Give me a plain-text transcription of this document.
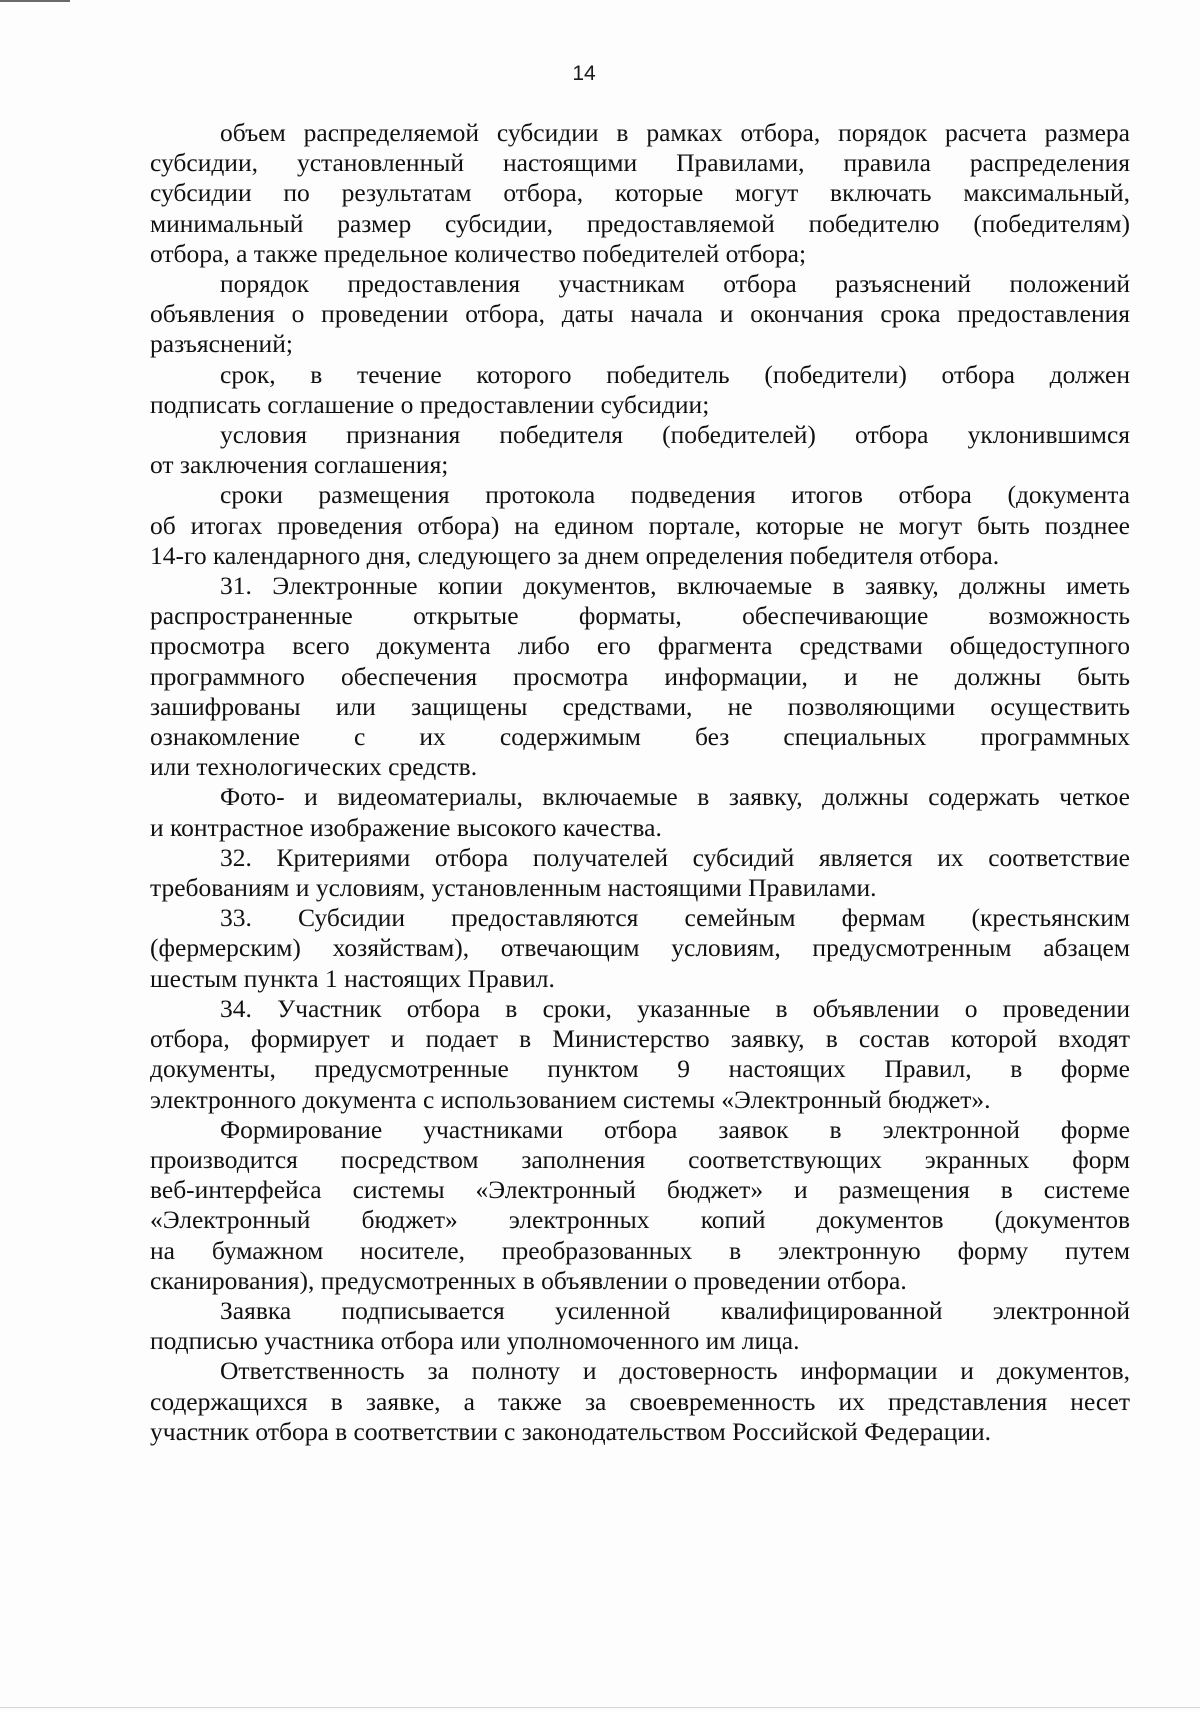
14
объем распределяемой субсидии в рамках отбора, порядок расчета размера
субсидии, установленный настоящими Правилами, правила распределения
субсидии по результатам отбора, которые могут включать максимальный,
минимальный размер субсидии, предоставляемой победителю (победителям)
отбора, а также предельное количество победителей отбора;
порядок предоставления участникам отбора разъяснений положений
объявления о проведении отбора, даты начала и окончания срока предоставления
разъяснений;
срок, в течение которого победитель (победители) отбора должен
подписать соглашение о предоставлении субсидии;
условия признания победителя (победителей) отбора уклонившимся
от заключения соглашения;
сроки размещения протокола подведения итогов отбора (документа
об итогах проведения отбора) на едином портале, которые не могут быть позднее
14-го календарного дня, следующего за днем определения победителя отбора.
31. Электронные копии документов, включаемые в заявку, должны иметь
распространенные открытые форматы, обеспечивающие возможность
просмотра всего документа либо его фрагмента средствами общедоступного
программного обеспечения просмотра информации, и не должны быть
зашифрованы или защищены средствами, не позволяющими осуществить
ознакомление с их содержимым без специальных программных
или технологических средств.
Фото- и видеоматериалы, включаемые в заявку, должны содержать четкое
и контрастное изображение высокого качества.
32. Критериями отбора получателей субсидий является их соответствие
требованиям и условиям, установленным настоящими Правилами.
33. Субсидии предоставляются семейным фермам (крестьянским
(фермерским) хозяйствам), отвечающим условиям, предусмотренным абзацем
шестым пункта 1 настоящих Правил.
34. Участник отбора в сроки, указанные в объявлении о проведении
отбора, формирует и подает в Министерство заявку, в состав которой входят
документы, предусмотренные пунктом 9 настоящих Правил, в форме
электронного документа с использованием системы «Электронный бюджет».
Формирование участниками отбора заявок в электронной форме
производится посредством заполнения соответствующих экранных форм
веб-интерфейса системы «Электронный бюджет» и размещения в системе
«Электронный бюджет» электронных копий документов (документов
на бумажном носителе, преобразованных в электронную форму путем
сканирования), предусмотренных в объявлении о проведении отбора.
Заявка подписывается усиленной квалифицированной электронной
подписью участника отбора или уполномоченного им лица.
Ответственность за полноту и достоверность информации и документов,
содержащихся в заявке, а также за своевременность их представления несет
участник отбора в соответствии с законодательством Российской Федерации.
